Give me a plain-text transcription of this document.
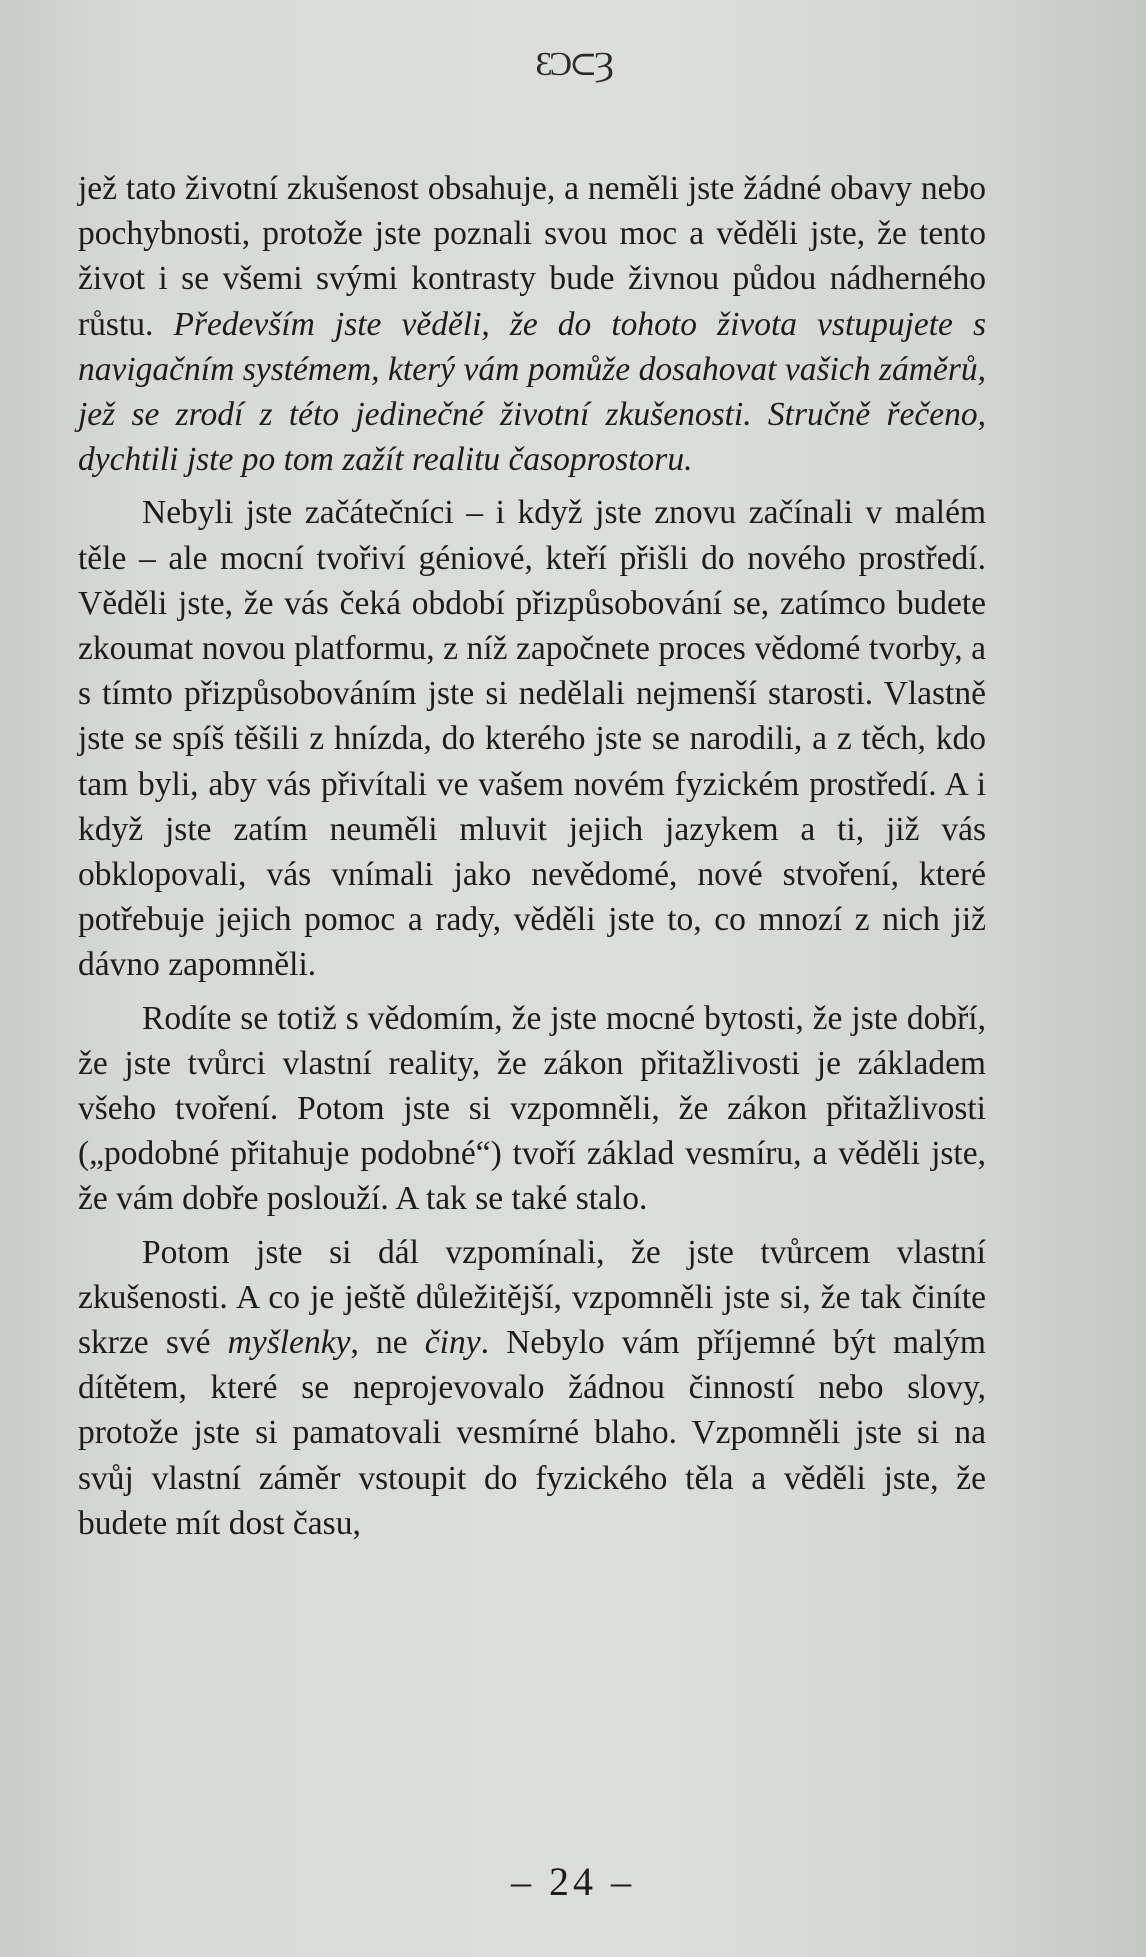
ƐƆ⊂Ȝ

jež tato životní zkušenost obsahuje, a neměli jste žádné obavy nebo pochybnosti, protože jste poznali svou moc a věděli jste, že tento život i se všemi svými kontrasty bude živnou půdou nádherného růstu. Především jste věděli, že do tohoto života vstupujete s navigačním systémem, který vám pomůže dosahovat vašich záměrů, jež se zrodí z této jedinečné životní zkušenosti. Stručně řečeno, dychtili jste po tom zažít realitu časoprostoru.

Nebyli jste začátečníci – i když jste znovu začínali v malém těle – ale mocní tvořiví géniové, kteří přišli do nového prostředí. Věděli jste, že vás čeká období přizpůsobování se, zatímco budete zkoumat novou platformu, z níž započnete proces vědomé tvorby, a s tímto přizpůsobováním jste si nedělali nejmenší starosti. Vlastně jste se spíš těšili z hnízda, do kterého jste se narodili, a z těch, kdo tam byli, aby vás přivítali ve vašem novém fyzickém prostředí. A i když jste zatím neuměli mluvit jejich jazykem a ti, již vás obklopovali, vás vnímali jako nevědomé, nové stvoření, které potřebuje jejich pomoc a rady, věděli jste to, co mnozí z nich již dávno zapomněli.

Rodíte se totiž s vědomím, že jste mocné bytosti, že jste dobří, že jste tvůrci vlastní reality, že zákon přitažlivosti je základem všeho tvoření. Potom jste si vzpomněli, že zákon přitažlivosti („podobné přitahuje podobné“) tvoří základ vesmíru, a věděli jste, že vám dobře poslouží. A tak se také stalo.

Potom jste si dál vzpomínali, že jste tvůrcem vlastní zkušenosti. A co je ještě důležitější, vzpomněli jste si, že tak činíte skrze své myšlenky, ne činy. Nebylo vám příjemné být malým dítětem, které se neprojevovalo žádnou činností nebo slovy, protože jste si pamatovali vesmírné blaho. Vzpomněli jste si na svůj vlastní záměr vstoupit do fyzického těla a věděli jste, že budete mít dost času,

– 24 –
